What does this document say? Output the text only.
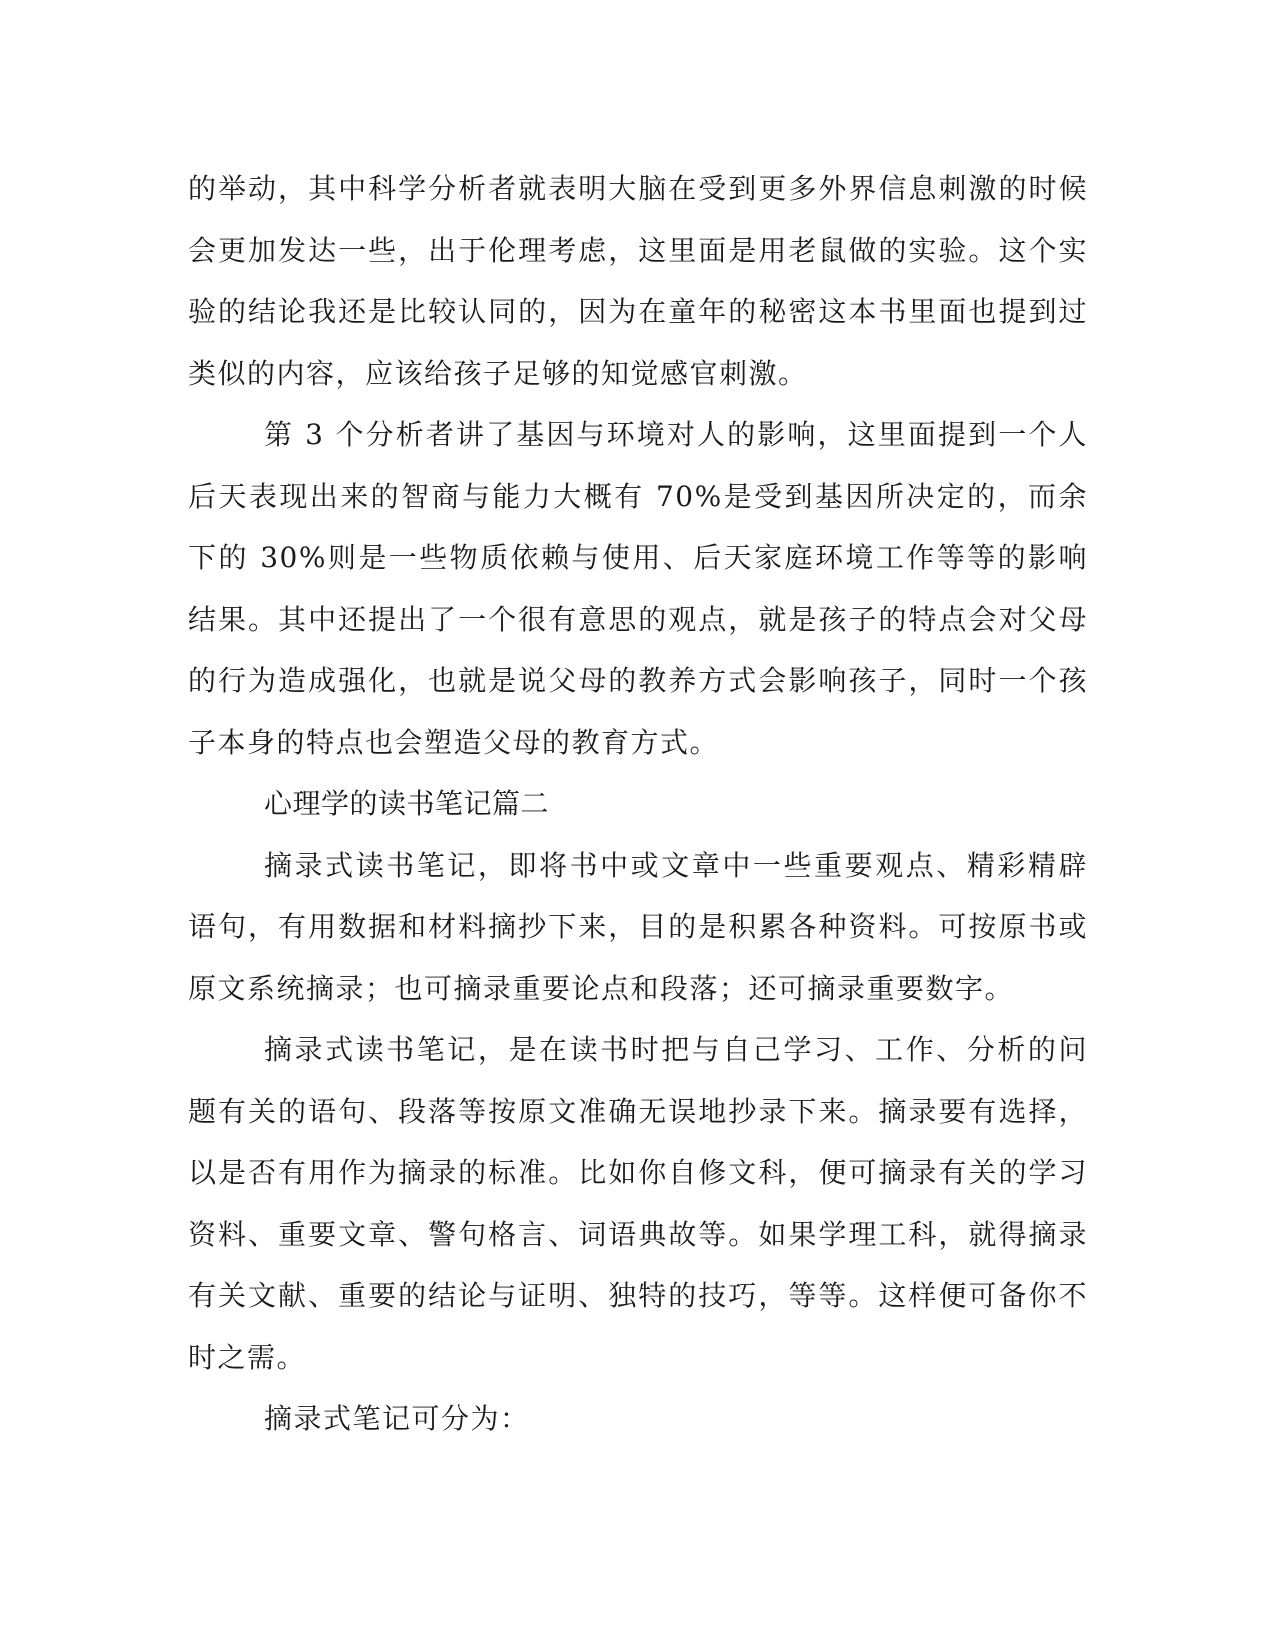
的举动，其中科学分析者就表明大脑在受到更多外界信息刺激的时候会更加发达一些，出于伦理考虑，这里面是用老鼠做的实验。这个实验的结论我还是比较认同的，因为在童年的秘密这本书里面也提到过类似的内容，应该给孩子足够的知觉感官刺激。

第 3 个分析者讲了基因与环境对人的影响，这里面提到一个人后天表现出来的智商与能力大概有 70%是受到基因所决定的，而余下的 30%则是一些物质依赖与使用、后天家庭环境工作等等的影响结果。其中还提出了一个很有意思的观点，就是孩子的特点会对父母的行为造成强化，也就是说父母的教养方式会影响孩子，同时一个孩子本身的特点也会塑造父母的教育方式。

心理学的读书笔记篇二

摘录式读书笔记，即将书中或文章中一些重要观点、精彩精辟语句，有用数据和材料摘抄下来，目的是积累各种资料。可按原书或原文系统摘录；也可摘录重要论点和段落；还可摘录重要数字。

摘录式读书笔记，是在读书时把与自己学习、工作、分析的问题有关的语句、段落等按原文准确无误地抄录下来。摘录要有选择，以是否有用作为摘录的标准。比如你自修文科，便可摘录有关的学习资料、重要文章、警句格言、词语典故等。如果学理工科，就得摘录有关文献、重要的结论与证明、独特的技巧，等等。这样便可备你不时之需。

摘录式笔记可分为：
